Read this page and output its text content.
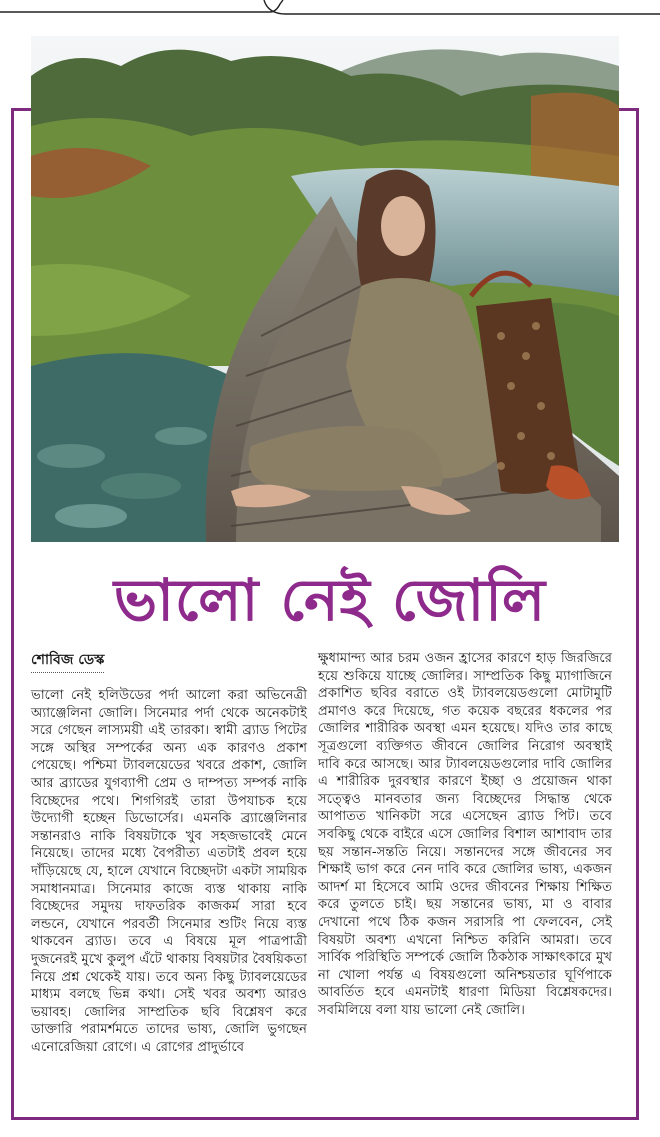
ভালো নেই জোলি
শোবিজ ডেস্ক

ভালো নেই হলিউডের পর্দা আলো করা অভিনেত্রী অ্যাঞ্জেলিনা জোলি। সিনেমার পর্দা থেকে অনেকটাই সরে গেছেন লাস্যময়ী এই তারকা। স্বামী ব্র্যাড পিটের সঙ্গে অস্থির সম্পর্কের অন্য এক কারণও প্রকাশ পেয়েছে। পশ্চিমা ট্যাবলয়েডের খবরে প্রকাশ, জোলি আর ব্র্যাডের যুগব্যাপী প্রেম ও দাম্পত্য সম্পর্ক নাকি বিচ্ছেদের পথে। শিগগিরই তারা উপযাচক হয়ে উদ্যোগী হচ্ছেন ডিভোর্সের। এমনকি ব্র্যাঞ্জেলিনার সন্তানরাও নাকি বিষয়টাকে খুব সহজভাবেই মেনে নিয়েছে। তাদের মধ্যে বৈপরীত্য এতটাই প্রবল হয়ে দাঁড়িয়েছে যে, হালে যেখানে বিচ্ছেদটা একটা সাময়িক সমাধানমাত্র। সিনেমার কাজে ব্যস্ত থাকায় নাকি বিচ্ছেদের সমুদয় দাফতরিক কাজকর্ম সারা হবে লন্ডনে, যেখানে পরবর্তী সিনেমার শুটিং নিয়ে ব্যস্ত থাকবেন ব্র্যাড। তবে এ বিষয়ে মূল পাত্রপাত্রী দুজনেরই মুখে কুলুপ এঁটে থাকায় বিষয়টার বৈষয়িকতা নিয়ে প্রশ্ন থেকেই যায়। তবে অন্য কিছু ট্যাবলয়েডের মাধ্যম বলছে ভিন্ন কথা। সেই খবর অবশ্য আরও ভয়াবহ। জোলির সাম্প্রতিক ছবি বিশ্লেষণ করে ডাক্তারি পরামর্শমতে তাদের ভাষ্য, জোলি ভুগছেন এনোরেজিয়া রোগে। এ রোগের প্রাদুর্ভাবে

ক্ষুধামান্দ্য আর চরম ওজন হ্রাসের কারণে হাড় জিরজিরে হয়ে শুকিয়ে যাচ্ছে জোলির। সাম্প্রতিক কিছু ম্যাগাজিনে প্রকাশিত ছবির বরাতে ওই ট্যাবলয়েডগুলো মোটামুটি প্রমাণও করে দিয়েছে, গত কয়েক বছরের ধকলের পর জোলির শারীরিক অবস্থা এমন হয়েছে। যদিও তার কাছে সূত্রগুলো ব্যক্তিগত জীবনে জোলির নিরোগ অবস্থাই দাবি করে আসছে। আর ট্যাবলয়েডগুলোর দাবি জোলির এ শারীরিক দুরবস্থার কারণে ইচ্ছা ও প্রয়োজন থাকা সত্ত্বেও মানবতার জন্য বিচ্ছেদের সিদ্ধান্ত থেকে আপাতত খানিকটা সরে এসেছেন ব্র্যাড পিট। তবে সবকিছু থেকে বাইরে এসে জোলির বিশাল আশাবাদ তার ছয় সন্তান-সন্ততি নিয়ে। সন্তানদের সঙ্গে জীবনের সব শিক্ষাই ভাগ করে নেন দাবি করে জোলির ভাষ্য, একজন আদর্শ মা হিসেবে আমি ওদের জীবনের শিক্ষায় শিক্ষিত করে তুলতে চাই। ছয় সন্তানের ভাষ্য, মা ও বাবার দেখানো পথে ঠিক কজন সরাসরি পা ফেলবেন, সেই বিষয়টা অবশ্য এখনো নিশ্চিত করিনি আমরা। তবে সার্বিক পরিস্থিতি সম্পর্কে জোলি ঠিকঠাক সাক্ষাৎকারে মুখ না খোলা পর্যন্ত এ বিষয়গুলো অনিশ্চয়তার ঘূর্ণিপাকে আবর্তিত হবে এমনটাই ধারণা মিডিয়া বিশ্লেষকদের। সবমিলিয়ে বলা যায় ভালো নেই জোলি।
